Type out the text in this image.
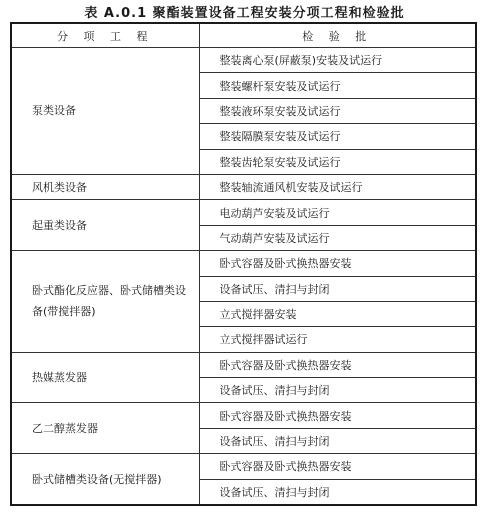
表 A.0.1 聚酯装置设备工程安装分项工程和检验批
分 项 工 程	检 验 批
泵类设备	整装离心泵(屏蔽泵)安装及试运行
	整装螺杆泵安装及试运行
	整装液环泵安装及试运行
	整装隔膜泵安装及试运行
	整装齿轮泵安装及试运行
风机类设备	整装轴流通风机安装及试运行
起重类设备	电动葫芦安装及试运行
	气动葫芦安装及试运行
卧式酯化反应器、卧式储槽类设备(带搅拌器)	卧式容器及卧式换热器安装
	设备试压、清扫与封闭
	立式搅拌器安装
	立式搅拌器试运行
热媒蒸发器	卧式容器及卧式换热器安装
	设备试压、清扫与封闭
乙二醇蒸发器	卧式容器及卧式换热器安装
	设备试压、清扫与封闭
卧式储槽类设备(无搅拌器)	卧式容器及卧式换热器安装
	设备试压、清扫与封闭
